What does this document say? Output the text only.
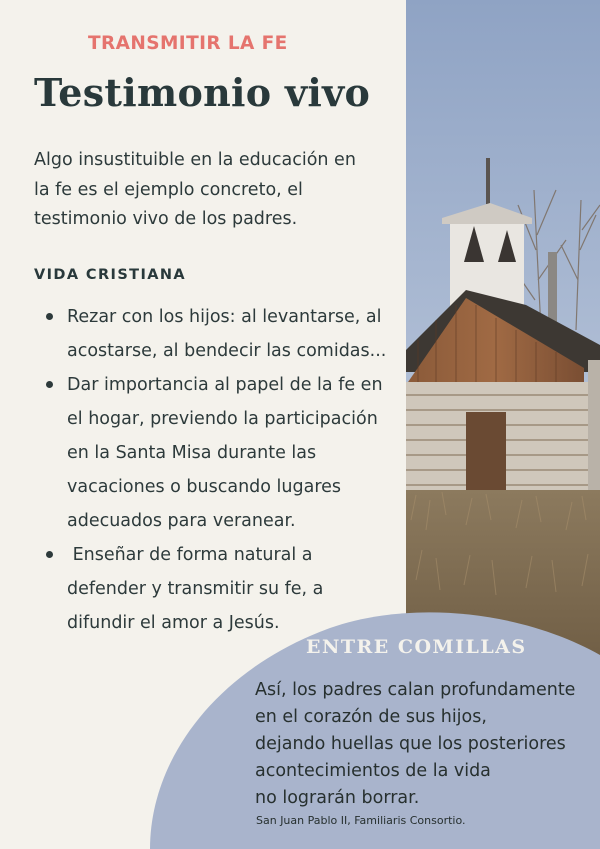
TRANSMITIR LA FE
Testimonio vivo
Algo insustituible en la educación en
la fe es el ejemplo concreto, el
testimonio vivo de los padres.
VIDA CRISTIANA
Rezar con los hijos: al levantarse, al
acostarse, al bendecir las comidas...
Dar importancia al papel de la fe en
el hogar, previendo la participación
en la Santa Misa durante las
vacaciones o buscando lugares
adecuados para veranear.
Enseñar de forma natural a
defender y transmitir su fe, a
difundir el amor a Jesús.
ENTRE COMILLAS
Así, los padres calan profundamente
en el corazón de sus hijos,
dejando huellas que los posteriores
acontecimientos de la vida
no lograrán borrar.
San Juan Pablo II, Familiaris Consortio.
